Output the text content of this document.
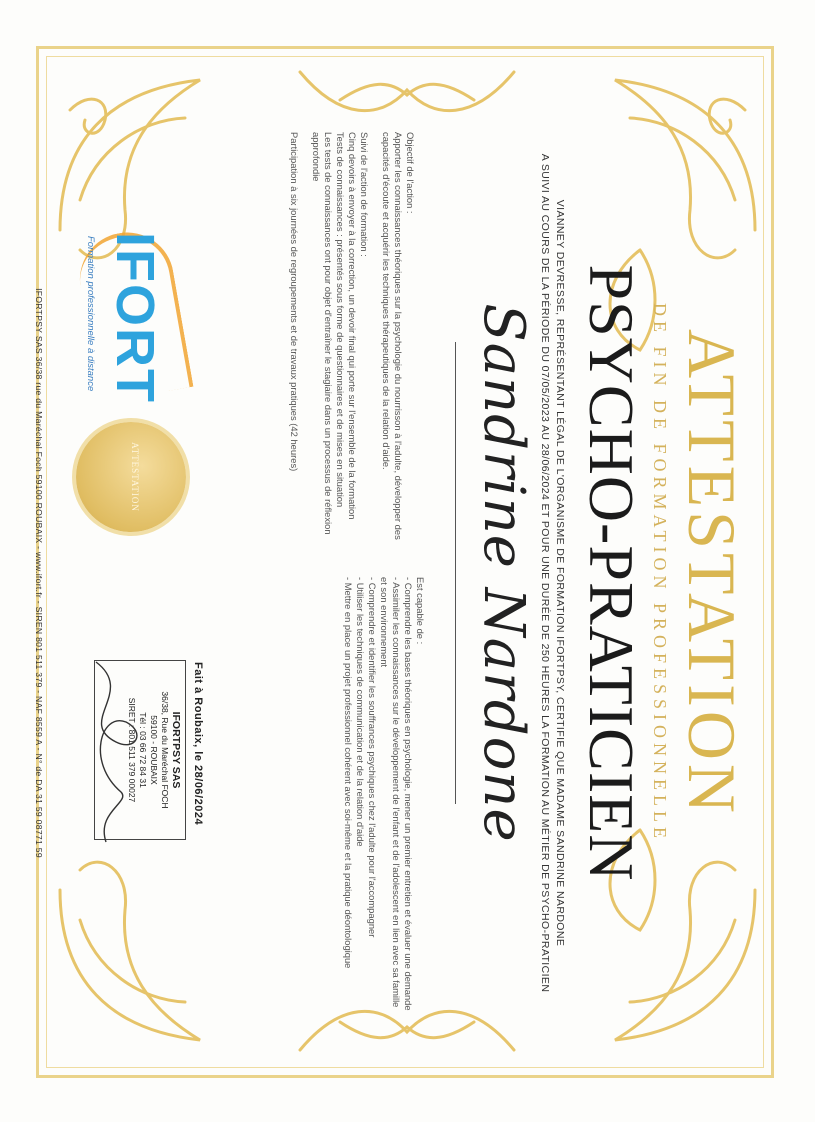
ATTESTATION
DE FIN DE FORMATION PROFESSIONNELLE
PSYCHO-PRATICIEN
VIANNEY DEVRESSE, REPRÉSENTANT LÉGAL DE L'ORGANISME DE FORMATION IFORTPSY, CERTIFIE QUE MADAME SANDRINE NARDONE
A SUIVI AU COURS DE LA PÉRIODE DU 07/05/2023 AU 28/06/2024 ET POUR UNE DURÉE DE 250 HEURES LA FORMATION AU MÉTIER DE PSYCHO-PRATICIEN
Sandrine Nardone

Objectif de l'action :
Apporter les connaissances théoriques sur la psychologie du nourrisson à l'adulte, développer des
capacités d'écoute et acquérir les techniques thérapeutiques de la relation d'aide.

Suivi de l'action de formation :
Cinq devoirs à envoyer à la correction, un devoir final qui porte sur l'ensemble de la formation
Tests de connaissances : présentés sous forme de questionnaires et de mises en situation
Les tests de connaissances ont pour objet d'entraîner le stagiaire dans un processus de réflexion
approfondie

Participation à six journées de regroupements et de travaux pratiques (42 heures)

Est capable de :
- Comprendre les bases théoriques en psychologie, mener un premier entretien et évaluer une demande
- Assimiler les connaissances sur le développement de l'enfant et de l'adolescent en lien avec sa famille
et son environnement
- Comprendre et identifier les souffrances psychiques chez l'adulte pour l'accompagner
- Utiliser les techniques de communication et de la relation d'aide
- Mettre en place un projet professionnel cohérent avec soi-même et la pratique déontologique
IFORT
Formation professionnelle à distance
ATTESTATION
Fait à Roubaix, le 28/06/2024
IFORTPSY SAS
36/38, Rue du Maréchal FOCH
59100 - ROUBAIX
Tél : 03 66 72 84 31
SIRET : 801 511 379 00027
IFORTPSY SAS 36/38 rue du Maréchal Foch 59100 ROUBAIX - www.ifort.fr - SIREN 801 511 379 - NAF 8559 A - N° de DA 31 59 08771 59
